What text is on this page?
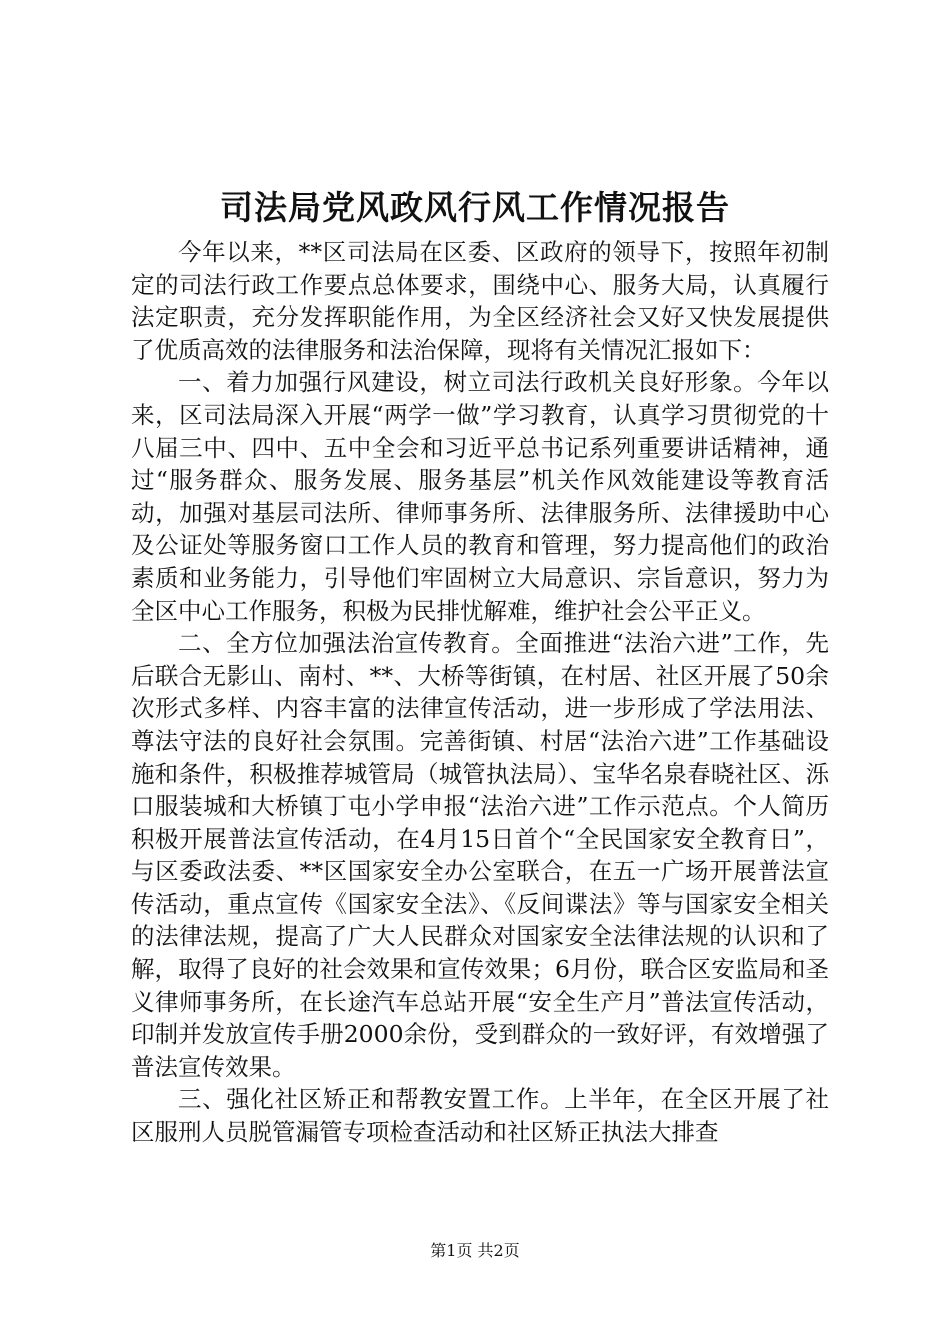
司法局党风政风行风工作情况报告

今年以来，**区司法局在区委、区政府的领导下，按照年初制定的司法行政工作要点总体要求，围绕中心、服务大局，认真履行法定职责，充分发挥职能作用，为全区经济社会又好又快发展提供了优质高效的法律服务和法治保障，现将有关情况汇报如下：

一、着力加强行风建设，树立司法行政机关良好形象。今年以来，区司法局深入开展“两学一做”学习教育，认真学习贯彻党的十八届三中、四中、五中全会和习近平总书记系列重要讲话精神，通过“服务群众、服务发展、服务基层”机关作风效能建设等教育活动，加强对基层司法所、律师事务所、法律服务所、法律援助中心及公证处等服务窗口工作人员的教育和管理，努力提高他们的政治素质和业务能力，引导他们牢固树立大局意识、宗旨意识，努力为全区中心工作服务，积极为民排忧解难，维护社会公平正义。

二、全方位加强法治宣传教育。全面推进“法治六进”工作，先后联合无影山、南村、**、大桥等街镇，在村居、社区开展了50余次形式多样、内容丰富的法律宣传活动，进一步形成了学法用法、尊法守法的良好社会氛围。完善街镇、村居“法治六进”工作基础设施和条件，积极推荐城管局（城管执法局）、宝华名泉春晓社区、泺口服装城和大桥镇丁屯小学申报“法治六进”工作示范点。个人简历积极开展普法宣传活动，在4月15日首个“全民国家安全教育日”，与区委政法委、**区国家安全办公室联合，在五一广场开展普法宣传活动，重点宣传《国家安全法》、《反间谍法》等与国家安全相关的法律法规，提高了广大人民群众对国家安全法律法规的认识和了解，取得了良好的社会效果和宣传效果；6月份，联合区安监局和圣义律师事务所，在长途汽车总站开展“安全生产月”普法宣传活动，印制并发放宣传手册2000余份，受到群众的一致好评，有效增强了普法宣传效果。

三、强化社区矫正和帮教安置工作。上半年，在全区开展了社区服刑人员脱管漏管专项检查活动和社区矫正执法大排查

第1页 共2页
